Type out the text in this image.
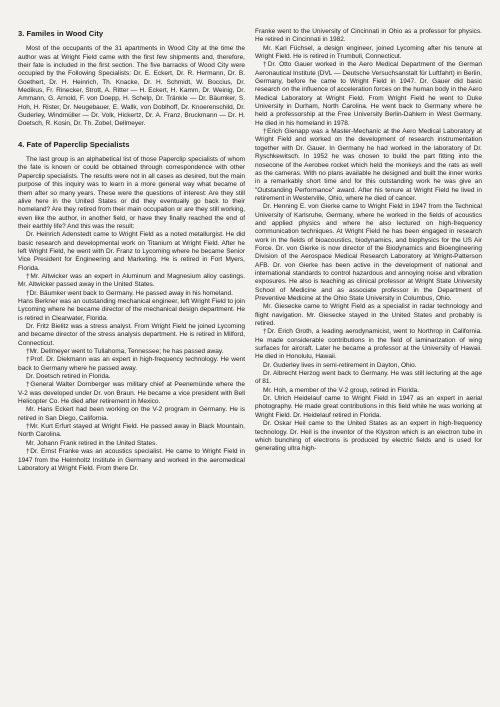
3. Familes in Wood City

Most of the occupants of the 31 apartments in Wood City at the time the author was at Wright Field came with the first few shipments and, therefore, their fate is included in the first section. The five barracks of Wood City were occupied by the Following Specialists: Dr. E. Eckert, Dr. R. Hermann, Dr. B. Goethert, Dr. H. Heinrich, Th. Knacke, Dr. H. Schmidt, W. Boccius, Dr. Medikus, Fr. Rinecker, Strott, A. Ritter — H. Eckert, H. Kamm, Dr. Weinig, Dr. Ammann, G. Arnold, F. von Doepp, H. Schelp, Dr. Tränkle — Dr. Bäumker, S. Hoh, H. Rister, Dr. Neugebauer, E. Wallk, von Doblhoff, Dr. Knoerenschild, Dr. Guderley, Windmüller — Dr. Volk, Hickertz, Dr. A. Franz, Bruckmann — Dr. H. Doetsch, R. Kosin, Dr. Th. Zobel, Dellmeyer.

4. Fate of Paperclip Specialists

The last group is an alphabetical list of those Paperclip specialists of whom the fate is known or could be obtained through correspondence with other Paperclip specialists. The results were not in all cases as desired, but the main purpose of this inquiry was to learn in a more general way what became of them after so many years. These were the questions of interest: Are they still alive here in the United States or did they eventually go back to their homeland? Are they retired from their main occupation or are they still working, even like the author, in another field, or have they finally reached the end of their earthly life? And this was the result:

Dr. Heinrich Adenstedt came to Wright Field as a noted metallurgist. He did basic research and developmental work on Titanium at Wright Field. After he left Wright Field, he went with Dr. Franz to Lycoming where he became Senior Vice President for Engineering and Marketing. He is retired in Fort Myers, Florida.

†Mr. Altwicker was an expert in Aluminum and Magnesium alloy castings. Mr. Altwicker passed away in the United States.

†Dr. Bäumker went back to Germany. He passed away in his homeland.

Hans Berkner was an outstanding mechanical engineer, left Wright Field to join Lycoming where he became director of the mechanical design department. He is retired in Clearwater, Florida.

Dr. Fritz Bielitz was a stress analyst. From Wright Field he joined Lycoming and became director of the stress analysis department. He is retired in Milford, Connecticut.

†Mr. Dellmeyer went to Tullahoma, Tennessee; he has passed away.

†Prof. Dr. Diekmann was an expert in high-frequency technology. He went back to Germany where he passed away.

Dr. Doetsch retired in Florida.

†General Walter Dornberger was military chief at Peenemünde where the V-2 was developed under Dr. von Braun. He became a vice president with Bell Helicopter Co. He died after retirement in Mexico.

Mr. Hans Eckert had been working on the V-2 program in Germany. He is retired in San Diego, California.

†Mr. Kurt Erfurt stayed at Wright Field. He passed away in Black Mountain, North Carolina.

Mr. Johann Frank retired in the United States.

†Dr. Ernst Franke was an acoustics specialist. He came to Wright Field in 1947 from the Helmholtz Institute in Germany and worked in the aeromedical Laboratory at Wright Field. From there Dr.

Franke went to the University of Cincinnati in Ohio as a professor for physics. He retired in Cincinnati in 1982.

Mr. Karl Füchsel, a design engineer, joined Lycoming after his tenure at Wright Field. He is retired in Trumbull, Connecticut.

†Dr. Otto Gauer worked in the Aero Medical Department of the German Aeronautical Institute (DVL — Deutsche Versuchsanstalt für Luftfahrt) in Berlin, Germany, before he came to Wright Field in 1947. Dr. Gauer did basic research on the influence of acceleration forces on the human body in the Aero Medical Laboratory at Wright Field. From Wright Field he went to Duke University in Durham, North Carolina. He went back to Germany where he held a professorship at the Free University Berlin-Dahlem in West Germany. He died in his homeland in 1978.

†Erich Gienapp was a Master-Mechanic at the Aero Medical Laboratory at Wright Field and worked on the development of research instrumentation together with Dr. Gauer. In Germany he had worked in the laboratory of Dr. Ryschkewitsch. In 1952 he was chosen to build the part fitting into the nosecone of the Aerobee rocket which held the monkeys and the rats as well as the cameras. With no plans available he designed and built the inner works in a remarkably short time and for this outstanding work he was give an "Outstanding Performance" award. After his tenure at Wright Field he lived in retirement in Westerville, Ohio, where he died of cancer.

Dr. Henning E. von Gierke came to Wright Field in 1947 from the Technical University of Karlsruhe, Germany, where he worked in the fields of acoustics and applied physics and where he also lectured on high-frequency communication techniques. At Wright Field he has been engaged in research work in the fields of bioacoustics, biodynamics, and biophysics for the US Air Force. Dr. von Gierke is now director of the Biodynamics and Bioengineering Division of the Aerospace Medical Research Laboratory at Wright-Patterson AFB. Dr. von Gierke has been active in the development of national and international standards to control hazardous and annoying noise and vibration exposures. He also is teaching as clinical professor at Wright State University School of Medicine and as associate professor in the Department of Preventive Medicine at the Ohio State University in Columbus, Ohio.

Mr. Giesecke came to Wright Field as a specialist in radar technology and flight navigation. Mr. Giesecke stayed in the United States and probably is retired.

†Dr. Erich Groth, a leading aerodynamicist, went to Northrop in California. He made considerable contributions in the field of laminarization of wing surfaces for aircraft. Later he became a professor at the University of Hawaii. He died in Honolulu, Hawaii.

Dr. Guderley lives in semi-retirement in Dayton, Ohio.

Dr. Albrecht Herzog went back to Germany. He was still lecturing at the age of 81.

Mr. Hoh, a member of the V-2 group, retired in Florida.

Dr. Ulrich Heidelauf came to Wright Field in 1947 as an expert in aerial photography. He made great contributions in this field while he was working at Wright Field. Dr. Heidelauf retired in Florida.

Dr. Oskar Heil came to the United States as an expert in high-frequency technology. Dr. Heil is the inventor of the Klystron which is an electron tube in which bunching of electrons is produced by electric fields and is used for generating ultra high-
